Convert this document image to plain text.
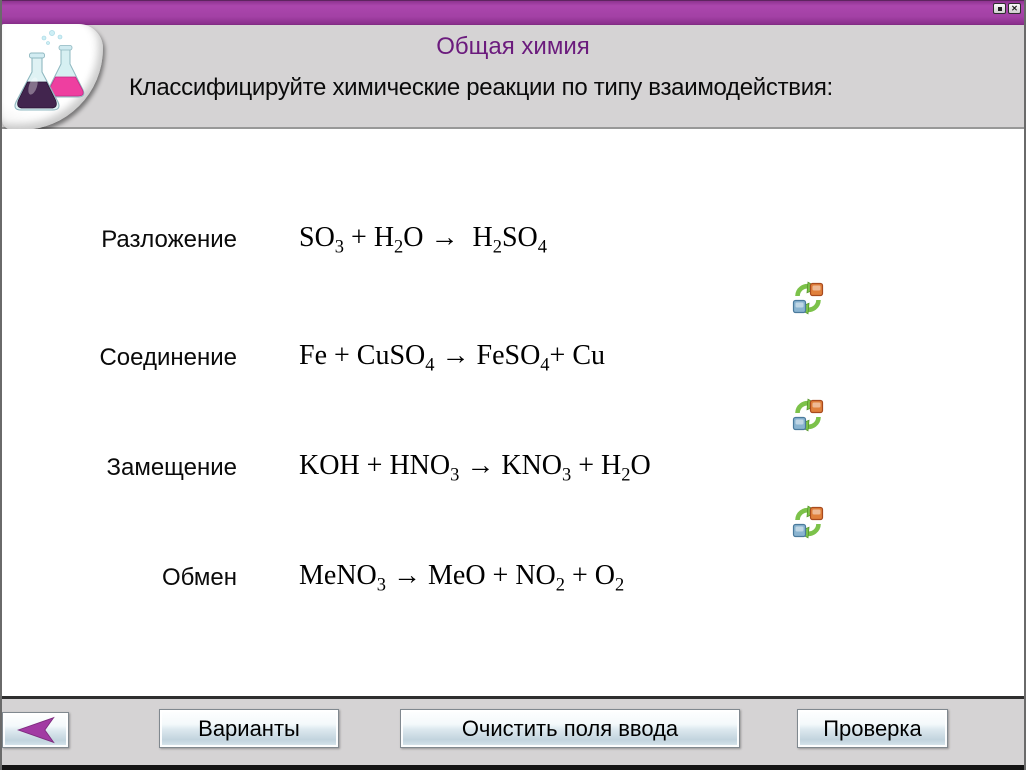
✕
Общая химия
Классифицируйте химические реакции по типу взаимодействия:
Разложение $SO_3 + H_2O \to H_2SO_4$
Соединение Fe + CuSO$_4$ → FeSO$_4$+ Cu
Замещение KOH + $HNO_3 \to KNO_3 + H_2O$
Обмен MeNO$_3$ → MeO + $NO_2 + O_2$
Варианты	Очистить поля ввода	Проверка
